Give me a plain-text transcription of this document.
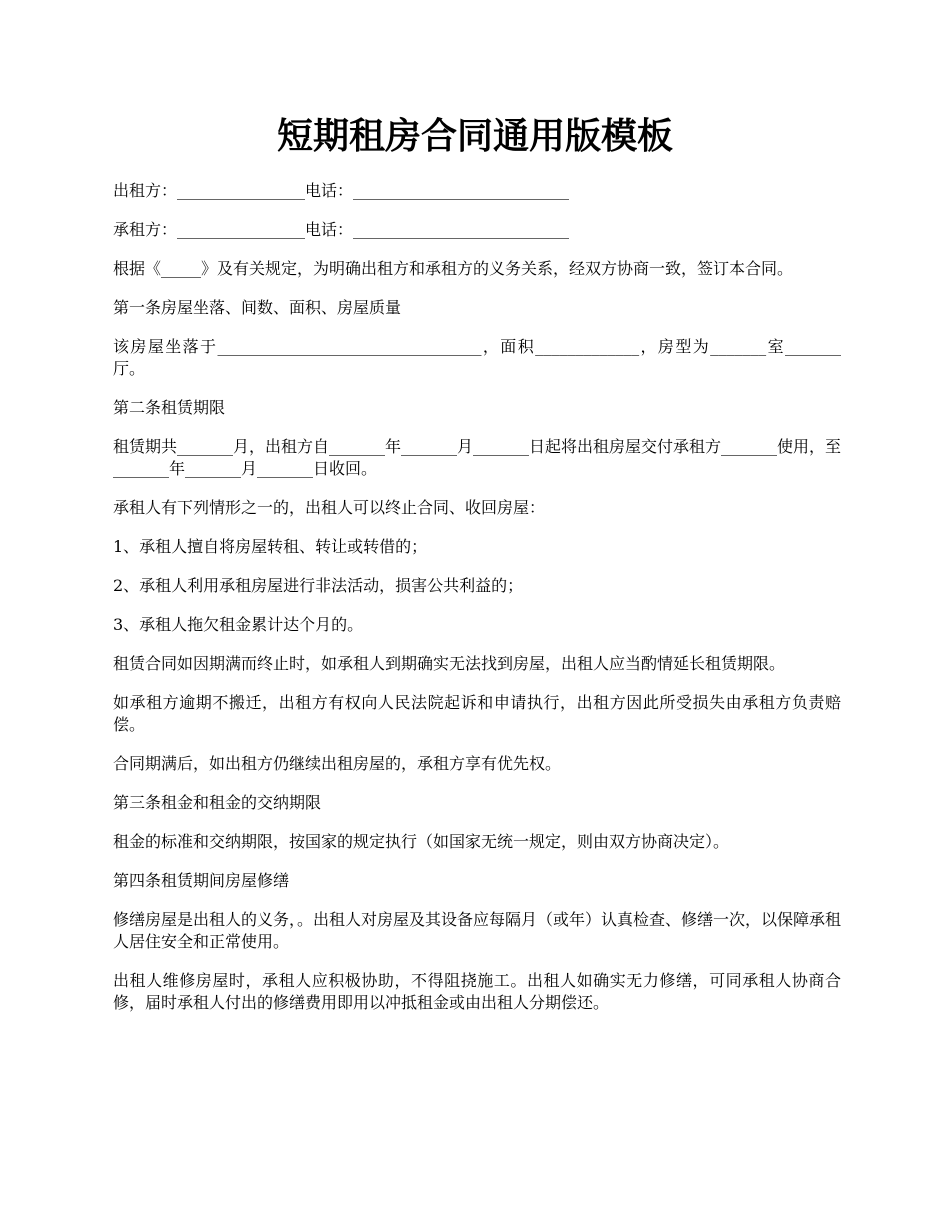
短期租房合同通用版模板

出租方：________________电话：___________________________

承租方：________________电话：___________________________

根据《_____》及有关规定，为明确出租方和承租方的义务关系，经双方协商一致，签订本合同。

第一条房屋坐落、间数、面积、房屋质量

该房屋坐落于_________________________________，面积_____________，房型为_______室_______厅。

第二条租赁期限

租赁期共_______月，出租方自_______年_______月_______日起将出租房屋交付承租方_______使用，至_______年_______月_______日收回。

承租人有下列情形之一的，出租人可以终止合同、收回房屋：

1、承租人擅自将房屋转租、转让或转借的；

2、承租人利用承租房屋进行非法活动，损害公共利益的；

3、承租人拖欠租金累计达个月的。

租赁合同如因期满而终止时，如承租人到期确实无法找到房屋，出租人应当酌情延长租赁期限。

如承租方逾期不搬迁，出租方有权向人民法院起诉和申请执行，出租方因此所受损失由承租方负责赔偿。

合同期满后，如出租方仍继续出租房屋的，承租方享有优先权。

第三条租金和租金的交纳期限

租金的标准和交纳期限，按国家的规定执行（如国家无统一规定，则由双方协商决定）。

第四条租赁期间房屋修缮

修缮房屋是出租人的义务，。出租人对房屋及其设备应每隔月（或年）认真检查、修缮一次，以保障承租人居住安全和正常使用。

出租人维修房屋时，承租人应积极协助，不得阻挠施工。出租人如确实无力修缮，可同承租人协商合修，届时承租人付出的修缮费用即用以冲抵租金或由出租人分期偿还。
